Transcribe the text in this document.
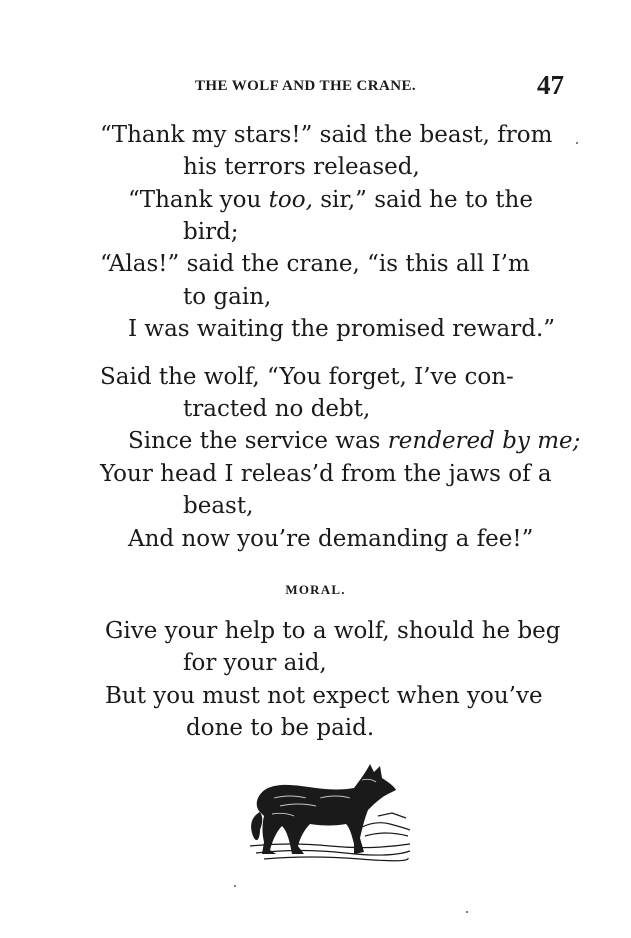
THE WOLF AND THE CRANE.	47
“Thank my stars!” said the beast, from
his terrors released,
“Thank you too, sir,” said he to the
bird;
“Alas!” said the crane, “is this all I’m
to gain,
I was waiting the promised reward.”
Said the wolf, “You forget, I’ve con-
tracted no debt,
Since the service was rendered by me;
Your head I releas’d from the jaws of a
beast,
And now you’re demanding a fee!”
MORAL.
Give your help to a wolf, should he beg
for your aid,
But you must not expect when you’ve
done to be paid.
